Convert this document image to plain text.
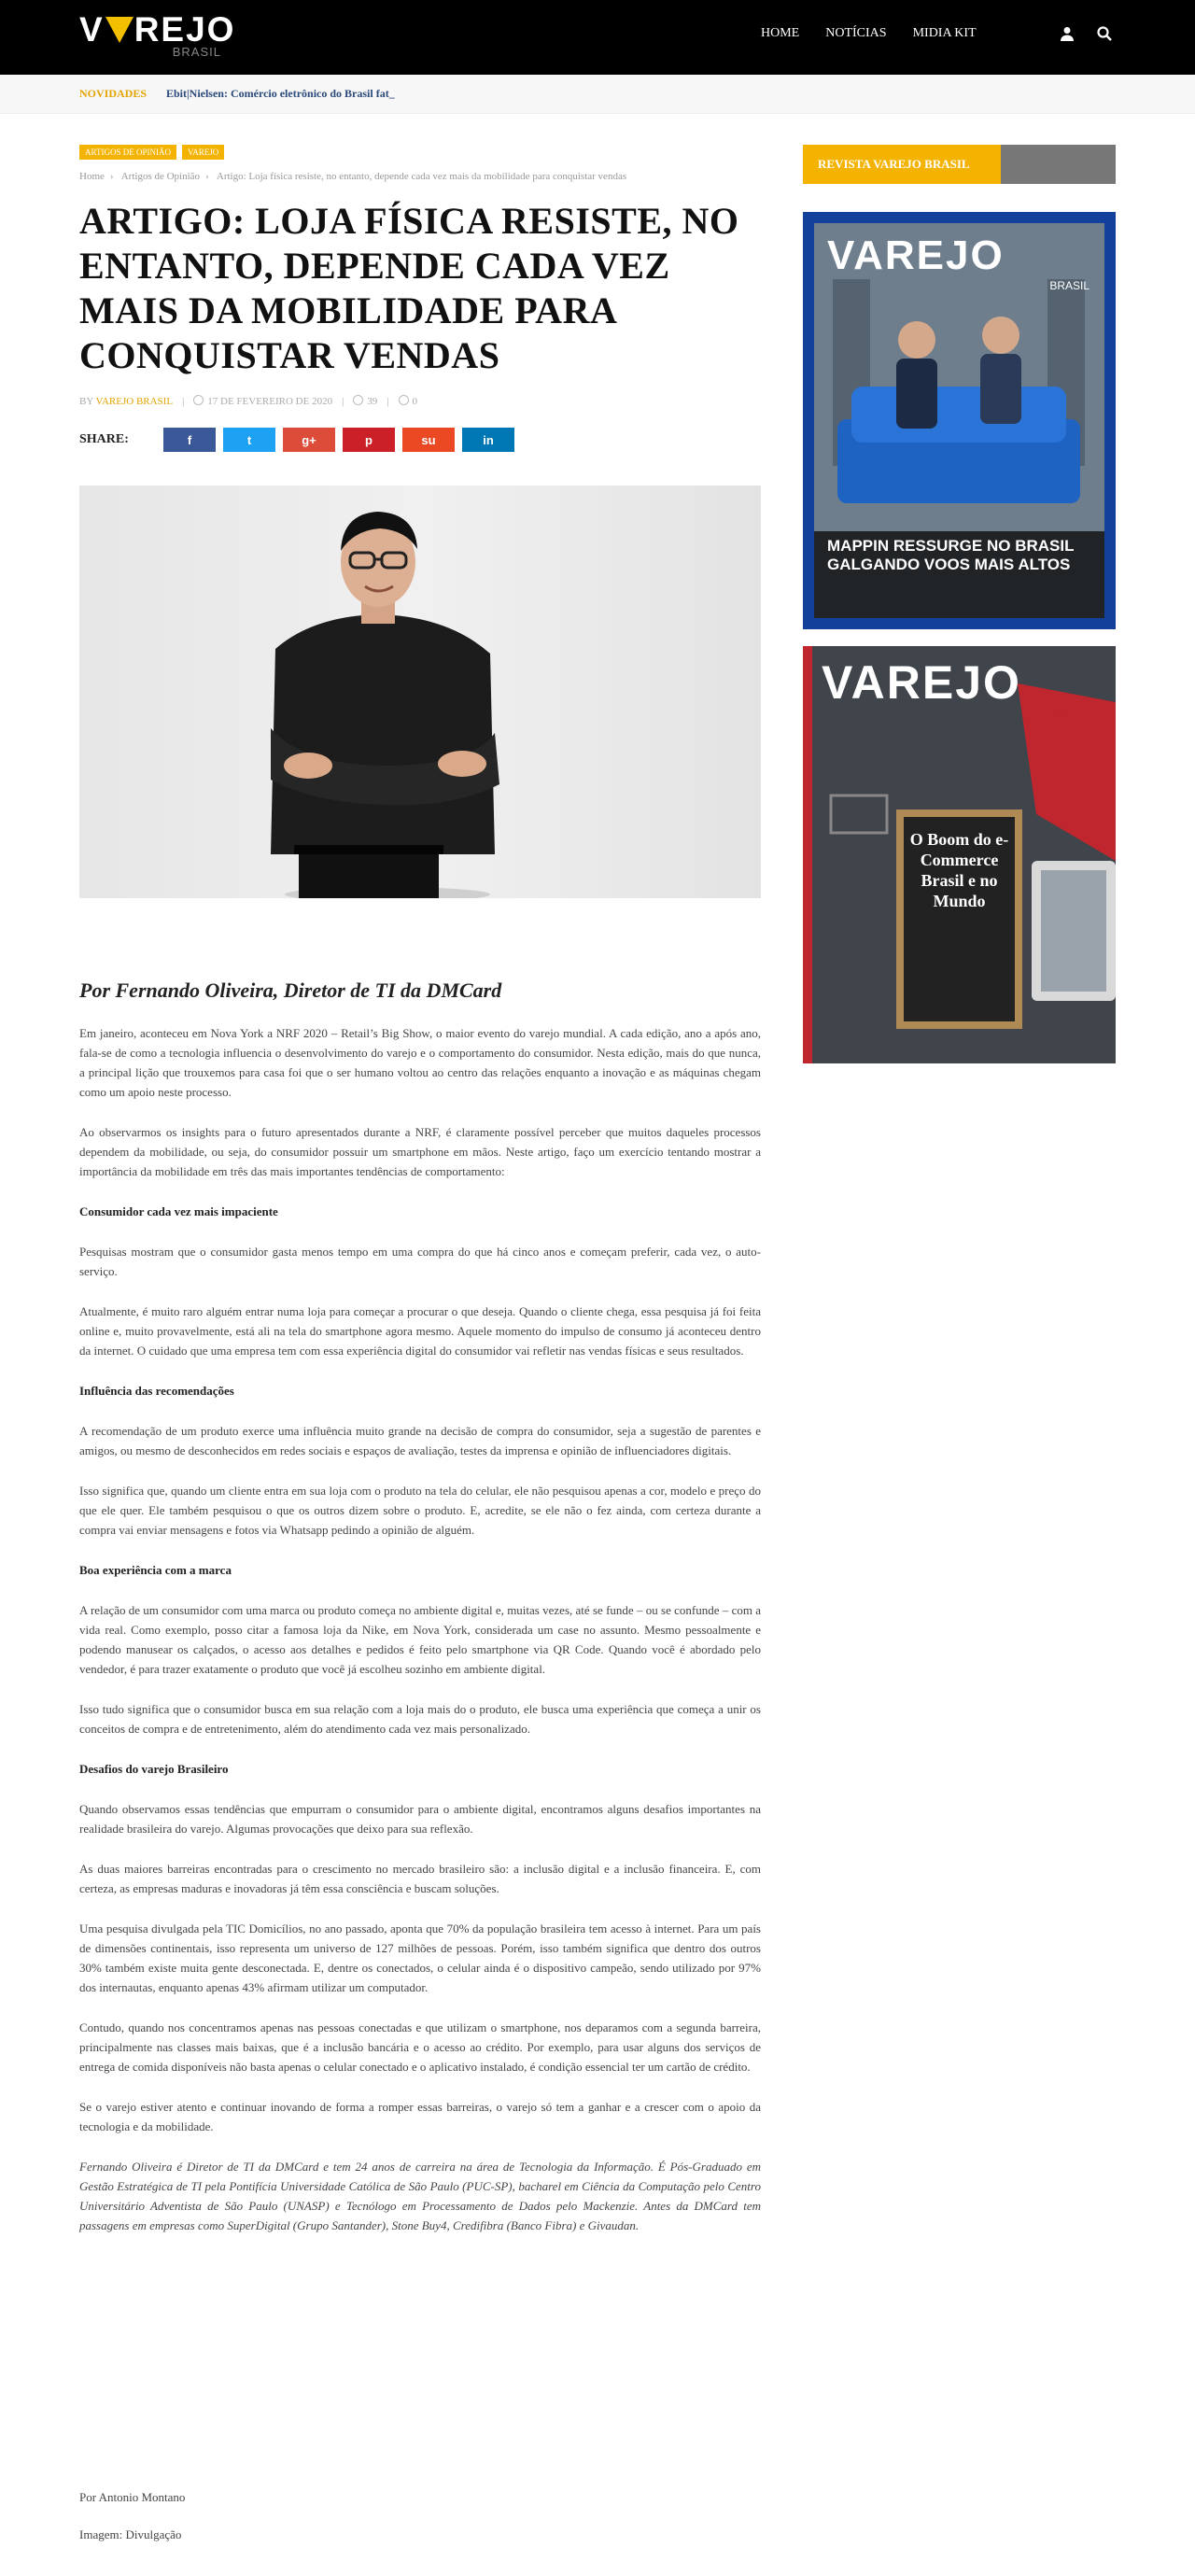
V REJO
BRASIL
HOME NOTÍCIAS MIDIA KIT
NOVIDADES Ebit|Nielsen: Comércio eletrônico do Brasil fat_
ARTIGOS DE OPINIÃO	VAREJO
Home › Artigos de Opinião › Artigo: Loja física resiste, no entanto, depende cada vez mais da mobilidade para conquistar vendas
ARTIGO: LOJA FÍSICA RESISTE, NO ENTANTO, DEPENDE CADA VEZ MAIS DA MOBILIDADE PARA CONQUISTAR VENDAS
BY VAREJO BRASIL |	17 DE FEVEREIRO DE 2020 |	39 |	0
SHARE:	f	t	g+	p	su	in
Por Fernando Oliveira, Diretor de TI da DMCard

Em janeiro, aconteceu em Nova York a NRF 2020 – Retail’s Big Show, o maior evento do varejo mundial. A cada edição, ano a após ano, fala-se de como a tecnologia influencia o desenvolvimento do varejo e o comportamento do consumidor. Nesta edição, mais do que nunca, a principal lição que trouxemos para casa foi que o ser humano voltou ao centro das relações enquanto a inovação e as máquinas chegam como um apoio neste processo.

Ao observarmos os insights para o futuro apresentados durante a NRF, é claramente possível perceber que muitos daqueles processos dependem da mobilidade, ou seja, do consumidor possuir um smartphone em mãos. Neste artigo, faço um exercício tentando mostrar a importância da mobilidade em três das mais importantes tendências de comportamento:

Consumidor cada vez mais impaciente

Pesquisas mostram que o consumidor gasta menos tempo em uma compra do que há cinco anos e começam preferir, cada vez, o auto-serviço.

Atualmente, é muito raro alguém entrar numa loja para começar a procurar o que deseja. Quando o cliente chega, essa pesquisa já foi feita online e, muito provavelmente, está ali na tela do smartphone agora mesmo. Aquele momento do impulso de consumo já aconteceu dentro da internet. O cuidado que uma empresa tem com essa experiência digital do consumidor vai refletir nas vendas físicas e seus resultados.

Influência das recomendações

A recomendação de um produto exerce uma influência muito grande na decisão de compra do consumidor, seja a sugestão de parentes e amigos, ou mesmo de desconhecidos em redes sociais e espaços de avaliação, testes da imprensa e opinião de influenciadores digitais.

Isso significa que, quando um cliente entra em sua loja com o produto na tela do celular, ele não pesquisou apenas a cor, modelo e preço do que ele quer. Ele também pesquisou o que os outros dizem sobre o produto. E, acredite, se ele não o fez ainda, com certeza durante a compra vai enviar mensagens e fotos via Whatsapp pedindo a opinião de alguém.

Boa experiência com a marca

A relação de um consumidor com uma marca ou produto começa no ambiente digital e, muitas vezes, até se funde – ou se confunde – com a vida real. Como exemplo, posso citar a famosa loja da Nike, em Nova York, considerada um case no assunto. Mesmo pessoalmente e podendo manusear os calçados, o acesso aos detalhes e pedidos é feito pelo smartphone via QR Code. Quando você é abordado pelo vendedor, é para trazer exatamente o produto que você já escolheu sozinho em ambiente digital.

Isso tudo significa que o consumidor busca em sua relação com a loja mais do o produto, ele busca uma experiência que começa a unir os conceitos de compra e de entretenimento, além do atendimento cada vez mais personalizado.

Desafios do varejo Brasileiro

Quando observamos essas tendências que empurram o consumidor para o ambiente digital, encontramos alguns desafios importantes na realidade brasileira do varejo. Algumas provocações que deixo para sua reflexão.

As duas maiores barreiras encontradas para o crescimento no mercado brasileiro são: a inclusão digital e a inclusão financeira. E, com certeza, as empresas maduras e inovadoras já têm essa consciência e buscam soluções.

Uma pesquisa divulgada pela TIC Domicílios, no ano passado, aponta que 70% da população brasileira tem acesso à internet. Para um país de dimensões continentais, isso representa um universo de 127 milhões de pessoas. Porém, isso também significa que dentro dos outros 30% também existe muita gente desconectada. E, dentre os conectados, o celular ainda é o dispositivo campeão, sendo utilizado por 97% dos internautas, enquanto apenas 43% afirmam utilizar um computador.

Contudo, quando nos concentramos apenas nas pessoas conectadas e que utilizam o smartphone, nos deparamos com a segunda barreira, principalmente nas classes mais baixas, que é a inclusão bancária e o acesso ao crédito. Por exemplo, para usar alguns dos serviços de entrega de comida disponíveis não basta apenas o celular conectado e o aplicativo instalado, é condição essencial ter um cartão de crédito.

Se o varejo estiver atento e continuar inovando de forma a romper essas barreiras, o varejo só tem a ganhar e a crescer com o apoio da tecnologia e da mobilidade.

Fernando Oliveira é Diretor de TI da DMCard e tem 24 anos de carreira na área de Tecnologia da Informação. É Pós-Graduado em Gestão Estratégica de TI pela Pontifícia Universidade Católica de São Paulo (PUC-SP), bacharel em Ciência da Computação pelo Centro Universitário Adventista de São Paulo (UNASP) e Tecnólogo em Processamento de Dados pelo Mackenzie. Antes da DMCard tem passagens em empresas como SuperDigital (Grupo Santander), Stone Buy4, Credifibra (Banco Fibra) e Givaudan.

Por Antonio Montano

Imagem: Divulgação

REVISTA VAREJO BRASIL
VAREJO
BRASIL
MAPPIN RESSURGE NO BRASIL GALGANDO VOOS MAIS ALTOS
VAREJO
BRASIL
O Boom do e-Commerce Brasil e no Mundo
